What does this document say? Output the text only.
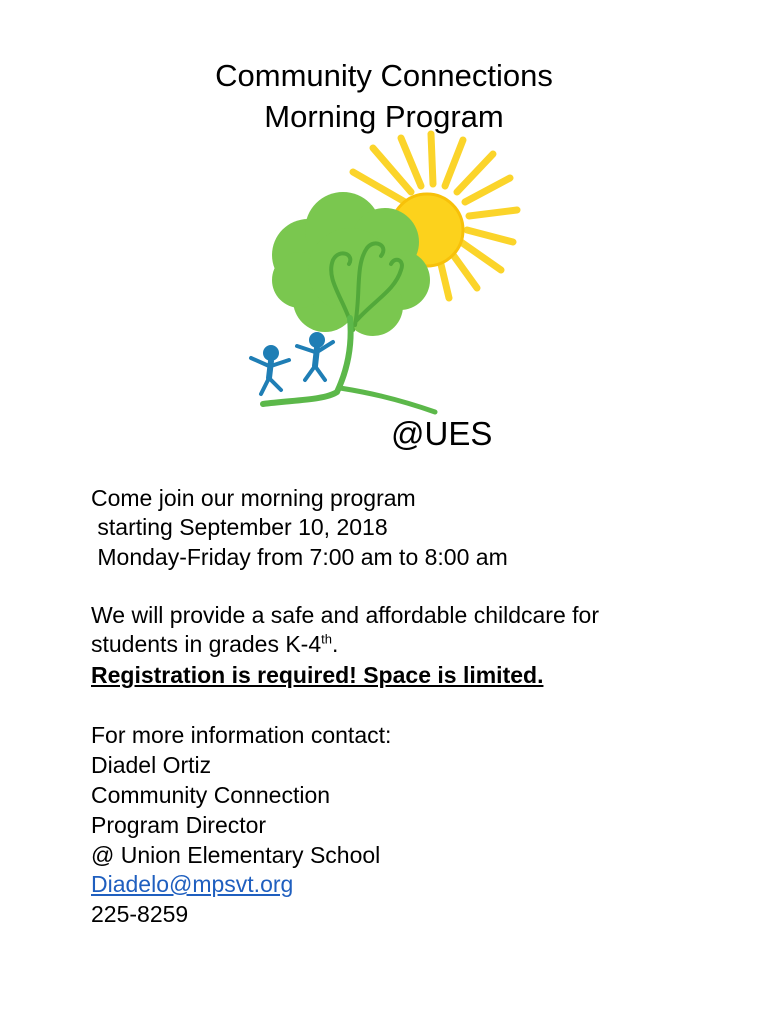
Community Connections
Morning Program
@UES
Come join our morning program
starting September 10, 2018
Monday-Friday from 7:00 am to 8:00 am
We will provide a safe and affordable childcare for
students in grades K-4th.
Registration is required! Space is limited.
For more information contact:
Diadel Ortiz
Community Connection
Program Director
@ Union Elementary School
Diadelo@mpsvt.org
225-8259
